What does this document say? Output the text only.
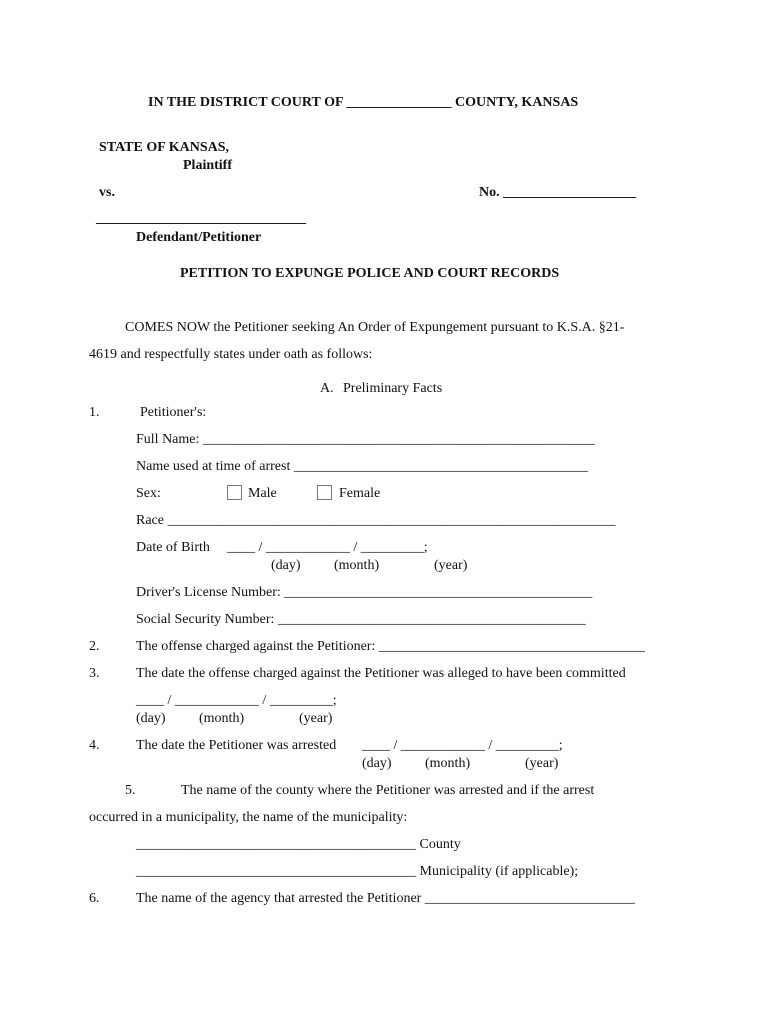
IN THE DISTRICT COURT OF _______________ COUNTY, KANSAS
STATE OF KANSAS,
Plaintiff
vs.	No. ___________________
______________________________
Defendant/Petitioner
PETITION TO EXPUNGE POLICE AND COURT RECORDS
COMES NOW the Petitioner seeking An Order of Expungement pursuant to K.S.A. §21-
4619 and respectfully states under oath as follows:
A. Preliminary Facts
1.	Petitioner's:
Full Name: ________________________________________________________
Name used at time of arrest __________________________________________
Sex:	Male	Female
Race ________________________________________________________________
Date of Birth ____ / ____________ / _________;
(day) (month)	(year)
Driver's License Number: ____________________________________________
Social Security Number: ____________________________________________
2.	The offense charged against the Petitioner: ______________________________________
3.	The date the offense charged against the Petitioner was alleged to have been committed
____ / ____________ / _________;
(day) (month)	(year)
4.	The date the Petitioner was arrested ____ / ____________ / _________;
(day) (month)	(year)
5.	The name of the county where the Petitioner was arrested and if the arrest
occurred in a municipality, the name of the municipality:
________________________________________ County
________________________________________ Municipality (if applicable);
6.	The name of the agency that arrested the Petitioner ______________________________
